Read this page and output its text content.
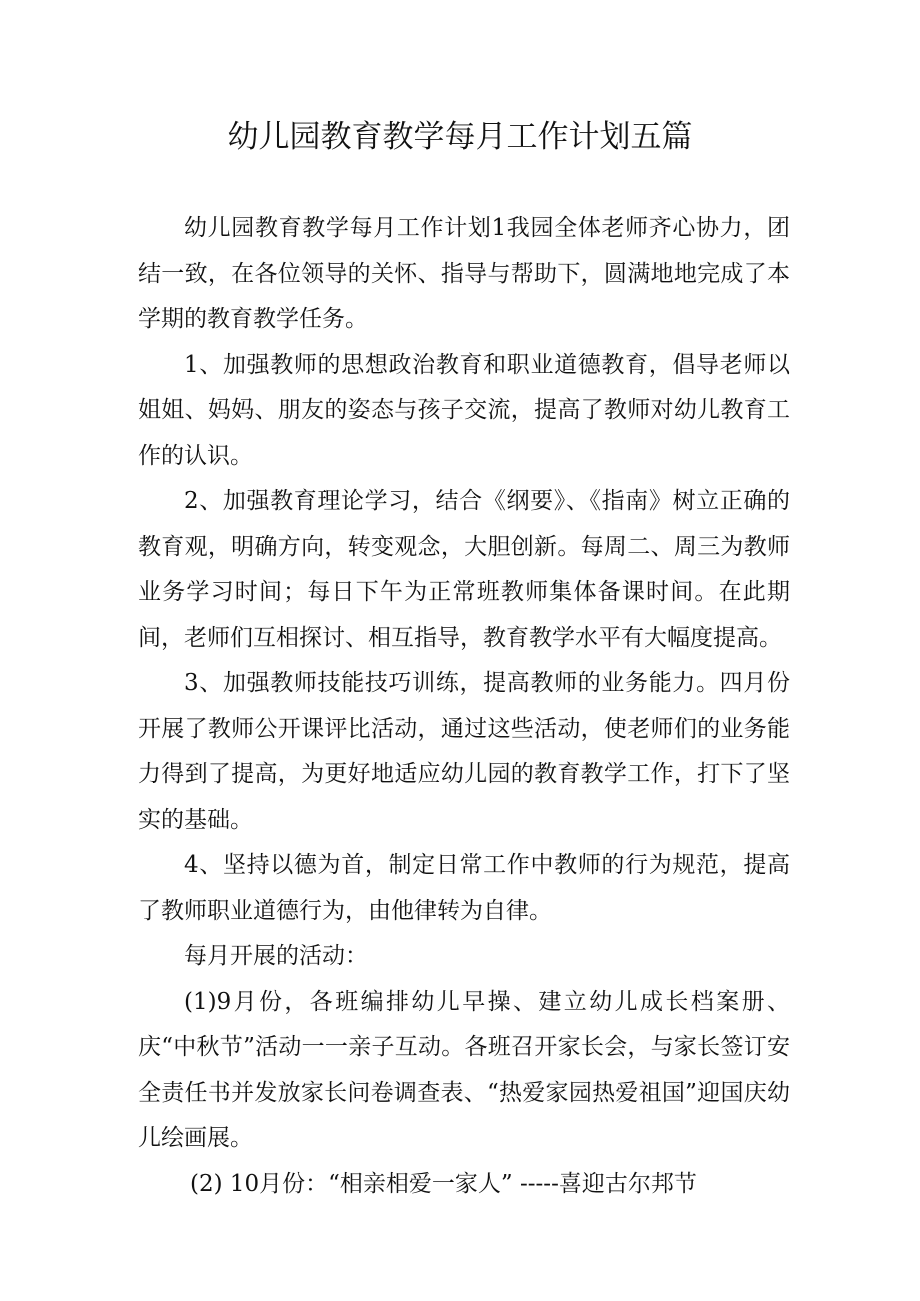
幼儿园教育教学每月工作计划五篇

幼儿园教育教学每月工作计划1我园全体老师齐心协力，团结一致，在各位领导的关怀、指导与帮助下，圆满地地完成了本学期的教育教学任务。

1、加强教师的思想政治教育和职业道德教育，倡导老师以姐姐、妈妈、朋友的姿态与孩子交流，提高了教师对幼儿教育工作的认识。

2、加强教育理论学习，结合《纲要》、《指南》树立正确的教育观，明确方向，转变观念，大胆创新。每周二、周三为教师业务学习时间；每日下午为正常班教师集体备课时间。在此期间，老师们互相探讨、相互指导，教育教学水平有大幅度提高。

3、加强教师技能技巧训练，提高教师的业务能力。四月份开展了教师公开课评比活动，通过这些活动，使老师们的业务能力得到了提高，为更好地适应幼儿园的教育教学工作，打下了坚实的基础。

4、坚持以德为首，制定日常工作中教师的行为规范，提高了教师职业道德行为，由他律转为自律。

每月开展的活动：

(1)9月份，各班编排幼儿早操、建立幼儿成长档案册、庆“中秋节”活动一一亲子互动。各班召开家长会，与家长签订安全责任书并发放家长问卷调查表、“热爱家园热爱祖国”迎国庆幼儿绘画展。

(2) 10月份：“相亲相爱一家人” -----喜迎古尔邦节
